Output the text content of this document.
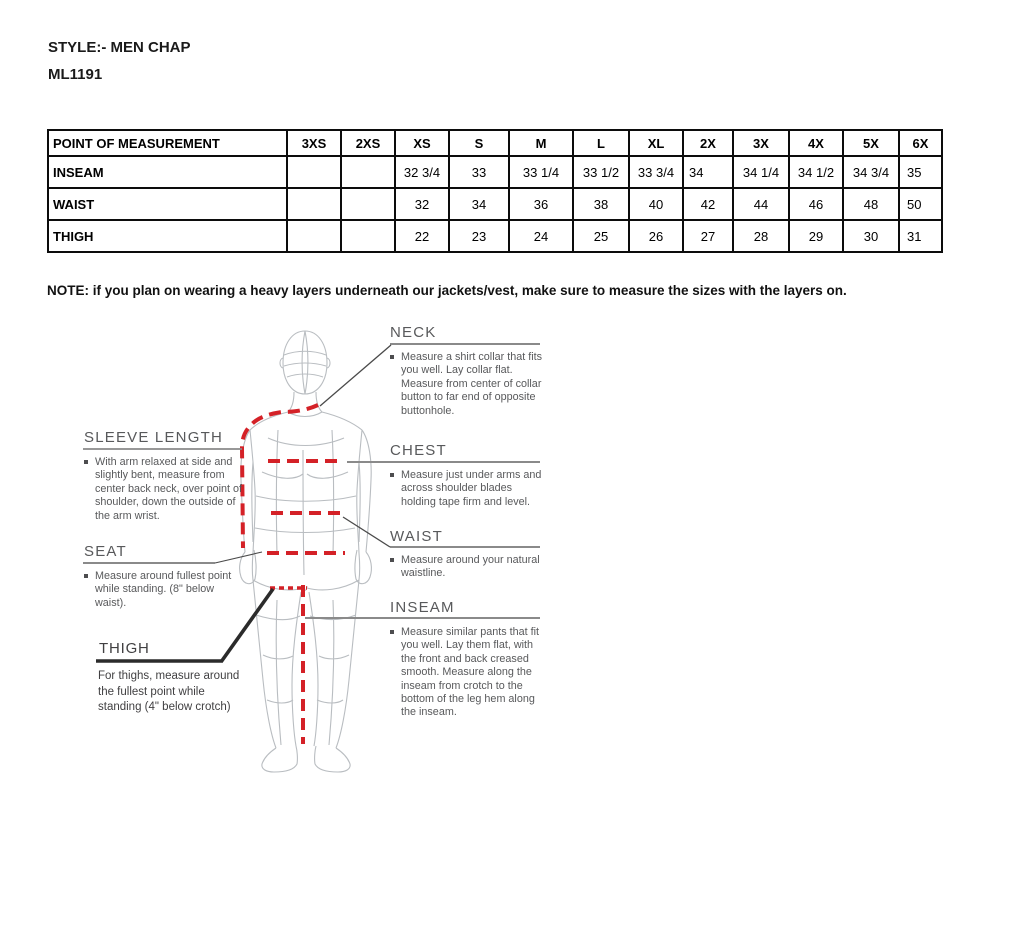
STYLE:- MEN CHAP
ML1191
POINT OF MEASUREMENT	3XS	2XS	XS	S	M	L	XL	2X	3X	4X	5X	6X
INSEAM			32 3/4	33	33 1/4	33 1/2	33 3/4	34	34 1/4	34 1/2	34 3/4	35
WAIST			32	34	36	38	40	42	44	46	48	50
THIGH			22	23	24	25	26	27	28	29	30	31
NOTE: if you plan on wearing a heavy layers underneath our jackets/vest, make sure to measure the sizes with the layers on.
NECK
Measure a shirt collar that fits you well. Lay collar flat. Measure from center of collar button to far end of opposite buttonhole.
SLEEVE LENGTH
With arm relaxed at side and slightly bent, measure from center back neck, over point of shoulder, down the outside of the arm wrist.
CHEST
Measure just under arms and across shoulder blades holding tape firm and level.
SEAT
Measure around fullest point while standing. (8" below waist).
WAIST
Measure around your natural waistline.
THIGH
For thighs, measure around the fullest point while standing (4" below crotch)
INSEAM
Measure similar pants that fit you well. Lay them flat, with the front and back creased smooth. Measure along the inseam from crotch to the bottom of the leg hem along the inseam.
